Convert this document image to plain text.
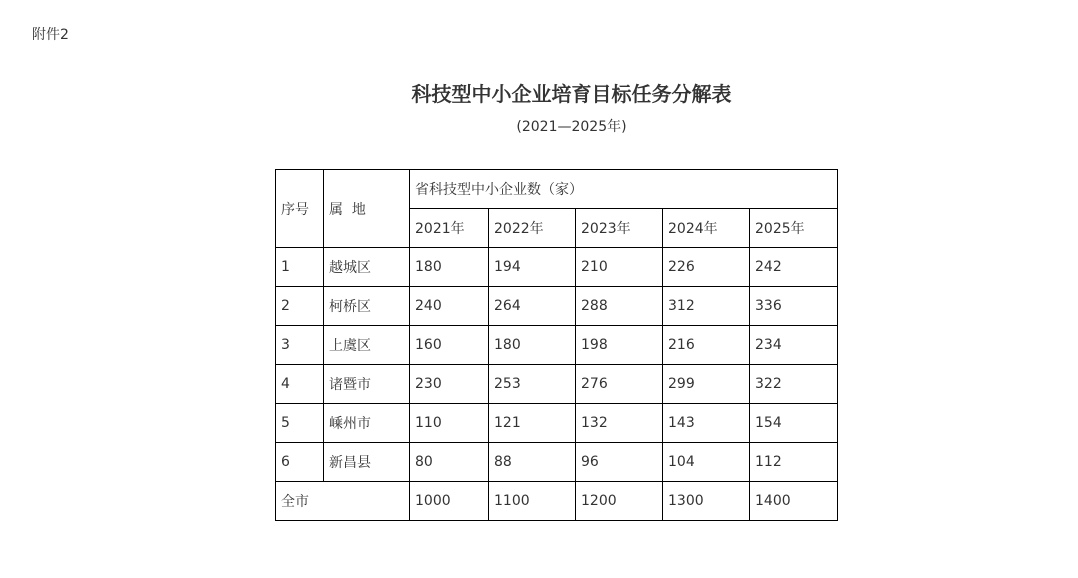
附件2
科技型中小企业培育目标任务分解表
(2021—2025年)
序号	属  地	省科技型中小企业数（家）				
		2021年	2022年	2023年	2024年	2025年
1	越城区	180	194	210	226	242
2	柯桥区	240	264	288	312	336
3	上虞区	160	180	198	216	234
4	诸暨市	230	253	276	299	322
5	嵊州市	110	121	132	143	154
6	新昌县	80	88	96	104	112
全市		1000	1100	1200	1300	1400
